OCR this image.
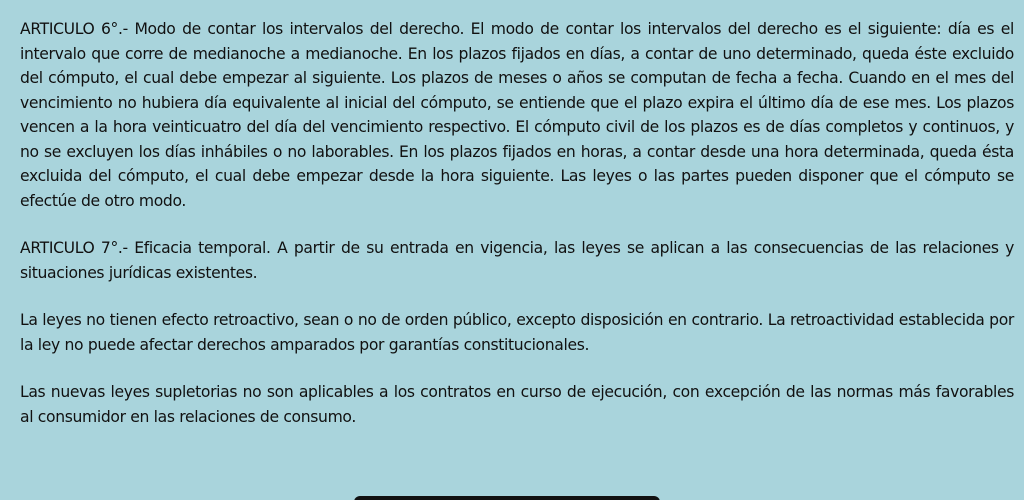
ARTICULO 6°.- Modo de contar los intervalos del derecho. El modo de contar los intervalos del derecho es el siguiente: día es el intervalo que corre de medianoche a medianoche. En los plazos fijados en días, a contar de uno determinado, queda éste excluido del cómputo, el cual debe empezar al siguiente. Los plazos de meses o años se computan de fecha a fecha. Cuando en el mes del vencimiento no hubiera día equivalente al inicial del cómputo, se entiende que el plazo expira el último día de ese mes. Los plazos vencen a la hora veinticuatro del día del vencimiento respectivo. El cómputo civil de los plazos es de días completos y continuos, y no se excluyen los días inhábiles o no laborables. En los plazos fijados en horas, a contar desde una hora determinada, queda ésta excluida del cómputo, el cual debe empezar desde la hora siguiente. Las leyes o las partes pueden disponer que el cómputo se efectúe de otro modo.

ARTICULO 7°.- Eficacia temporal. A partir de su entrada en vigencia, las leyes se aplican a las consecuencias de las relaciones y situaciones jurídicas existentes.

La leyes no tienen efecto retroactivo, sean o no de orden público, excepto disposición en contrario. La retroactividad establecida por la ley no puede afectar derechos amparados por garantías constitucionales.

Las nuevas leyes supletorias no son aplicables a los contratos en curso de ejecución, con excepción de las normas más favorables al consumidor en las relaciones de consumo.
